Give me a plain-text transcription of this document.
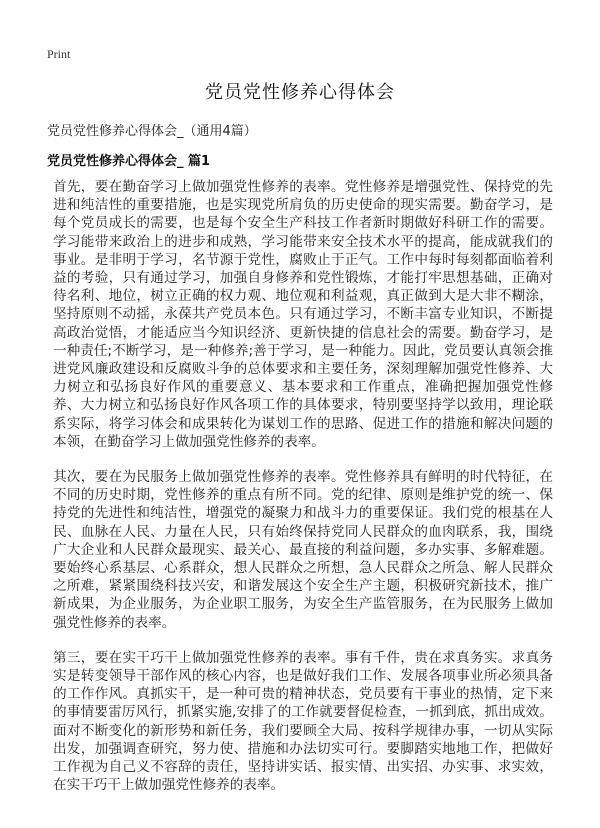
Print
党员党性修养心得体会
党员党性修养心得体会_（通用4篇）
党员党性修养心得体会_ 篇1

首先，要在勤奋学习上做加强党性修养的表率。党性修养是增强党性、保持党的先进和纯洁性的重要措施，也是实现党所肩负的历史使命的现实需要。勤奋学习，是每个党员成长的需要，也是每个安全生产科技工作者新时期做好科研工作的需要。学习能带来政治上的进步和成熟，学习能带来安全技术水平的提高，能成就我们的事业。是非明于学习，名节源于党性，腐败止于正气。工作中每时每刻都面临着利益的考验，只有通过学习，加强自身修养和党性锻炼，才能打牢思想基础，正确对待名利、地位，树立正确的权力观、地位观和利益观，真正做到大是大非不糊涂，坚持原则不动摇，永葆共产党员本色。只有通过学习，不断丰富专业知识，不断提高政治觉悟，才能适应当今知识经济、更新快捷的信息社会的需要。勤奋学习，是一种责任;不断学习，是一种修养;善于学习，是一种能力。因此，党员要认真领会推进党风廉政建设和反腐败斗争的总体要求和主要任务，深刻理解加强党性修养、大力树立和弘扬良好作风的重要意义、基本要求和工作重点，准确把握加强党性修养、大力树立和弘扬良好作风各项工作的具体要求，特别要坚持学以致用，理论联系实际，将学习体会和成果转化为谋划工作的思路、促进工作的措施和解决问题的本领，在勤奋学习上做加强党性修养的表率。

其次，要在为民服务上做加强党性修养的表率。党性修养具有鲜明的时代特征，在不同的历史时期，党性修养的重点有所不同。党的纪律、原则是维护党的统一、保持党的先进性和纯洁性，增强党的凝聚力和战斗力的重要保证。我们党的根基在人民、血脉在人民、力量在人民，只有始终保持党同人民群众的血肉联系，我，围绕广大企业和人民群众最现实、最关心、最直接的利益问题，多办实事、多解难题。要始终心系基层、心系群众，想人民群众之所想，急人民群众之所急、解人民群众之所难，紧紧围绕科技兴安，和谐发展这个安全生产主题，积极研究新技术，推广新成果，为企业服务，为企业职工服务，为安全生产监管服务，在为民服务上做加强党性修养的表率。

第三，要在实干巧干上做加强党性修养的表率。事有千件，贵在求真务实。求真务实是转变领导干部作风的核心内容，也是做好我们工作、发展各项事业所必须具备的工作作风。真抓实干，是一种可贵的精神状态，党员要有干事业的热情，定下来的事情要雷厉风行，抓紧实施,安排了的工作就要督促检查，一抓到底，抓出成效。面对不断变化的新形势和新任务，我们要顾全大局、按科学规律办事，一切从实际出发，加强调查研究，努力使、措施和办法切实可行。要脚踏实地地工作，把做好工作视为自己义不容辞的责任，坚持讲实话、报实情、出实招、办实事、求实效，在实干巧干上做加强党性修养的表率。
